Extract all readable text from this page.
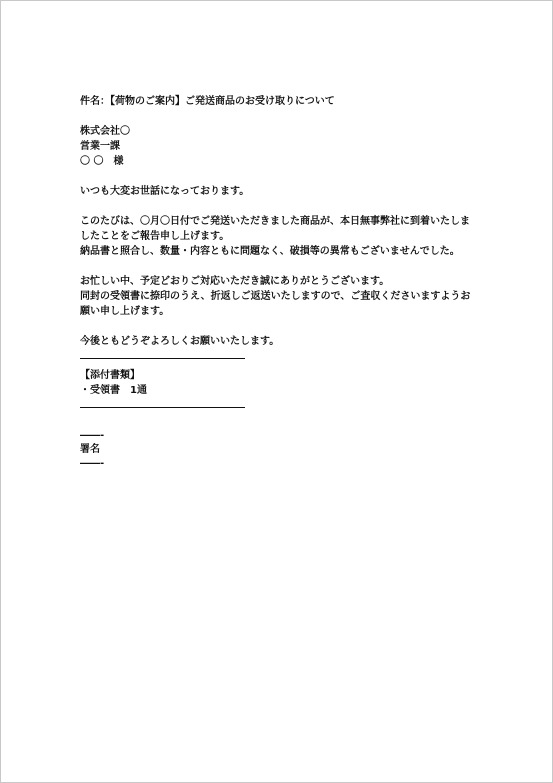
件名：【荷物のご案内】ご発送商品のお受け取りについて
株式会社〇
営業一課
〇 〇　様
いつも大変お世話になっております。
このたびは、〇月〇日付でご発送いただきました商品が、本日無事弊社に到着いたしま
したことをご報告申し上げます。
納品書と照合し、数量・内容ともに問題なく、破損等の異常もございませんでした。
お忙しい中、予定どおりご対応いただき誠にありがとうございます。
同封の受領書に捺印のうえ、折返しご返送いたしますので、ご査収くださいますようお
願い申し上げます。
今後ともどうぞよろしくお願いいたします。
【添付書類】
・受領書　1通
――-
署名
――-
